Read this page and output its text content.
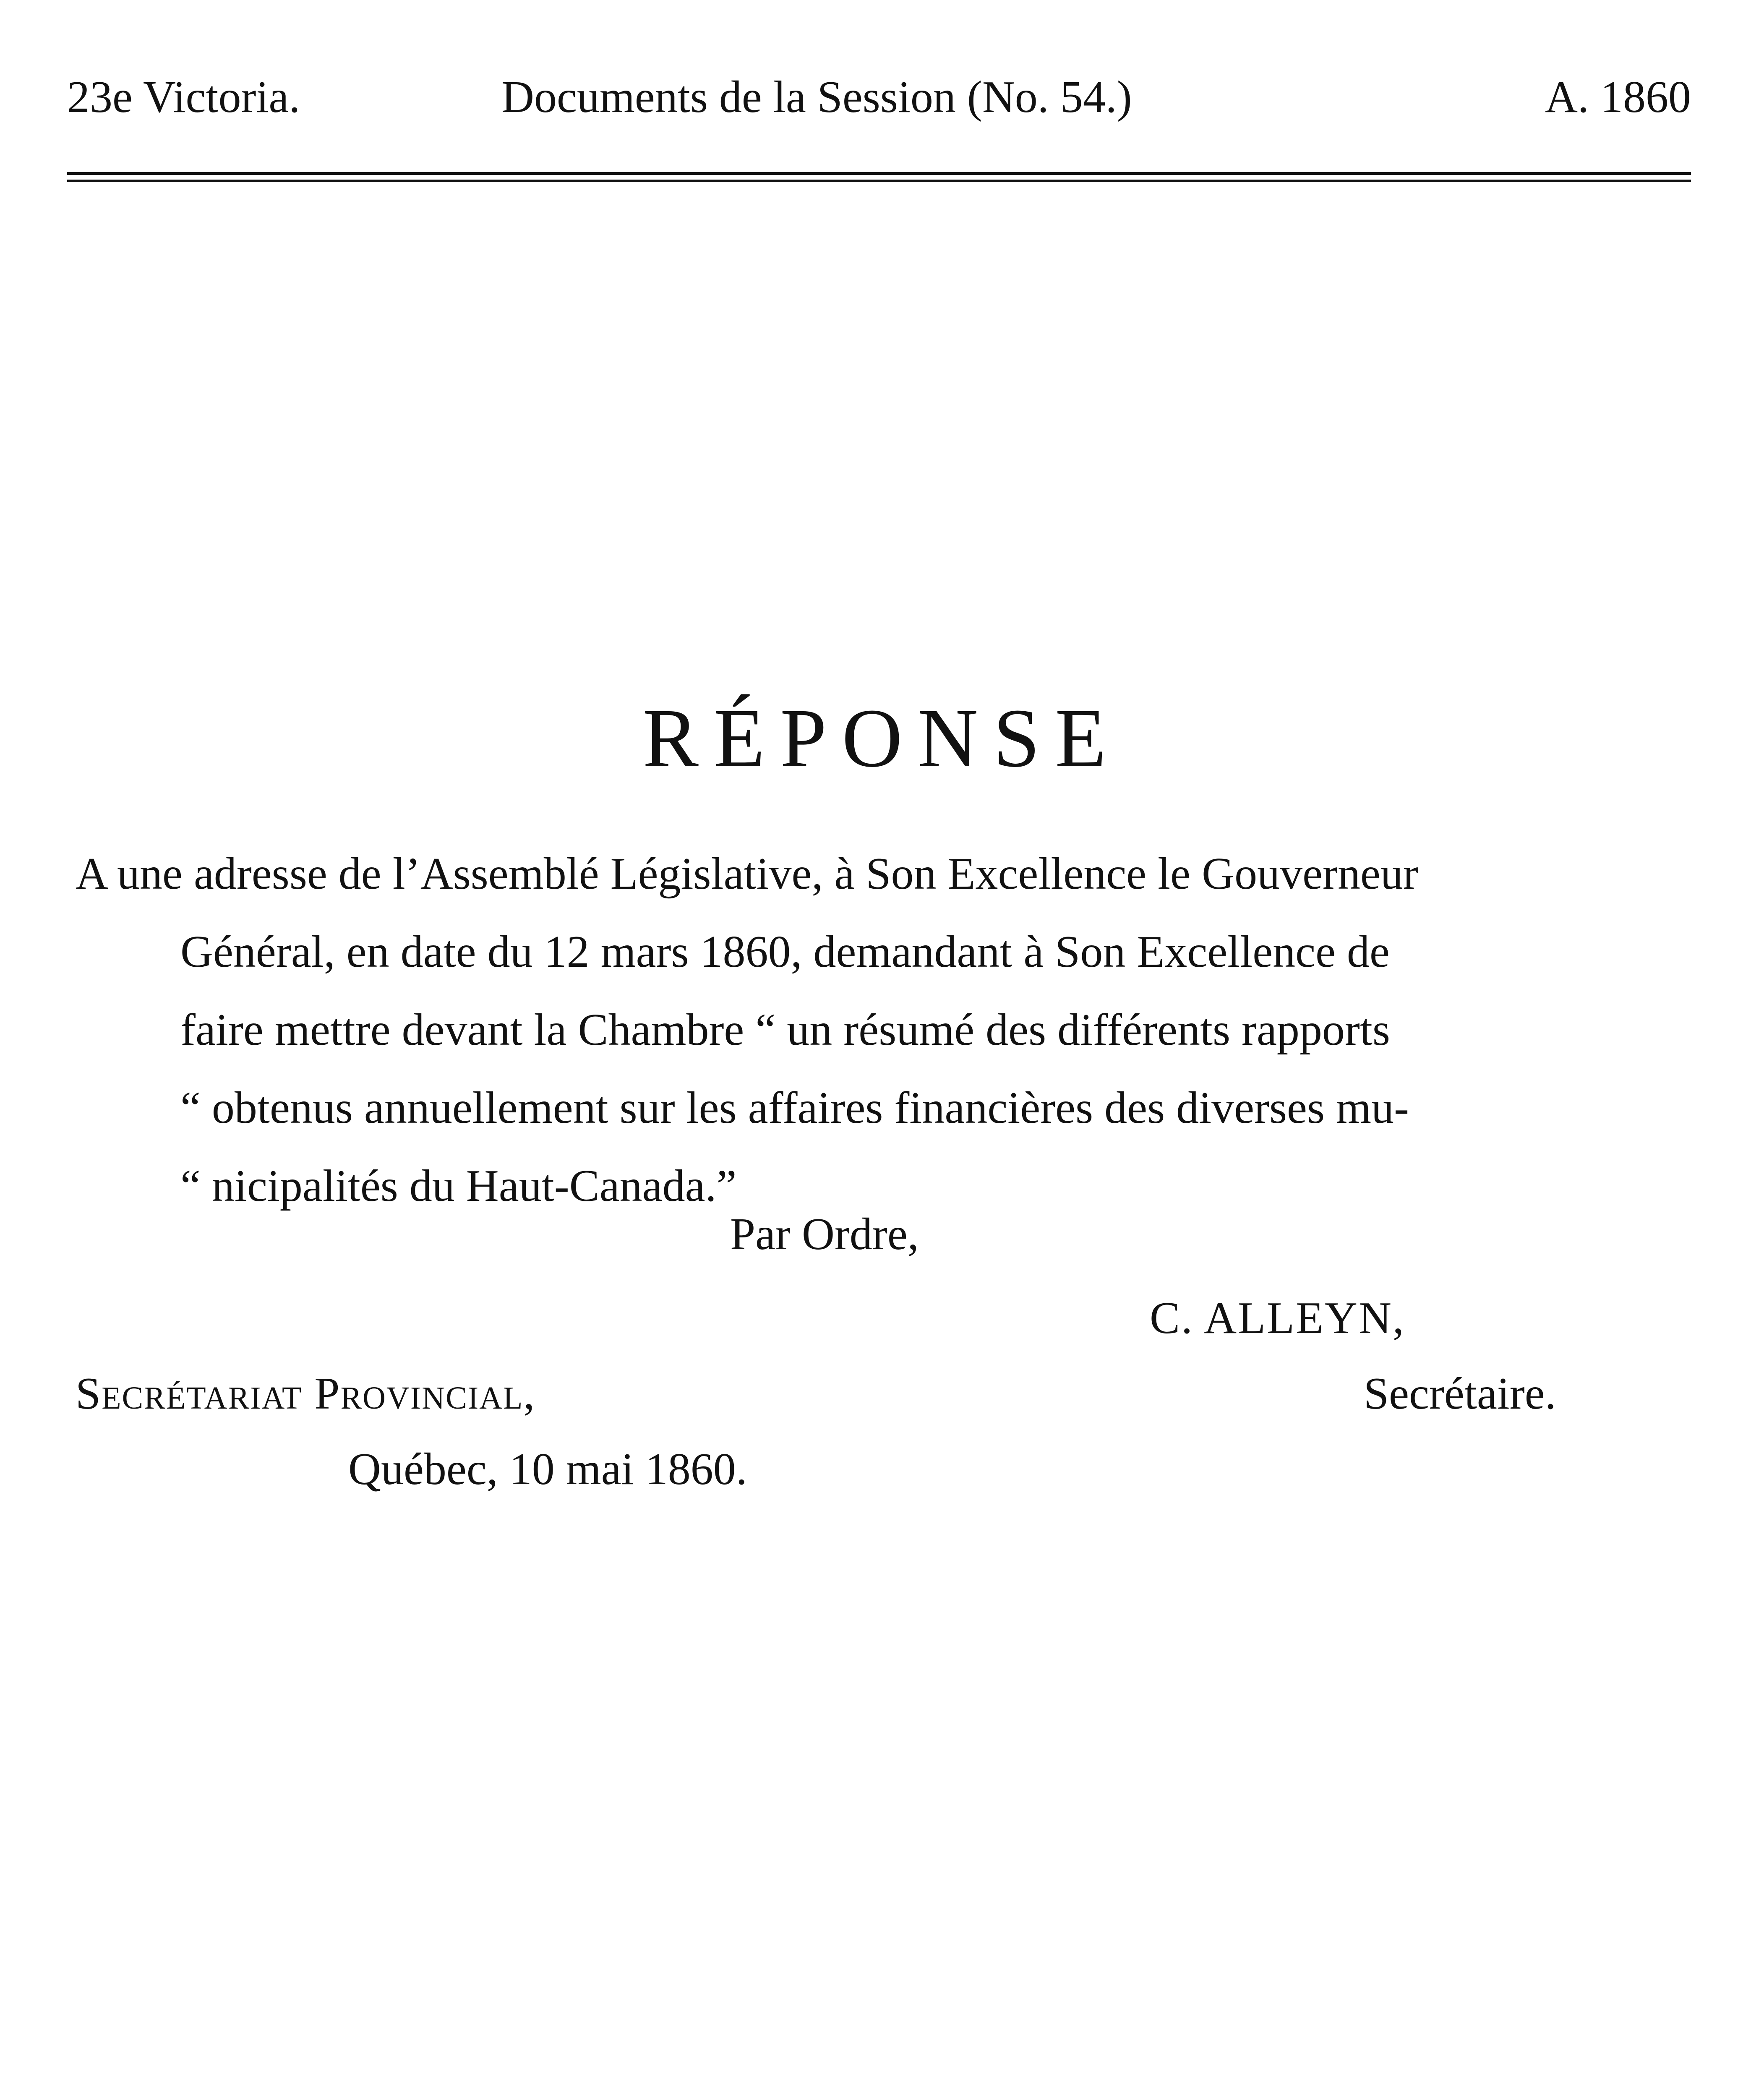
23e Victoria.	Documents de la Session (No. 54.)	A. 1860
RÉPONSE
A une adresse de l’Assemblé Législative, à Son Excellence le Gouverneur
Général, en date du 12 mars 1860, demandant à Son Excellence de
faire mettre devant la Chambre “ un résumé des différents rapports
“ obtenus annuellement sur les affaires financières des diverses mu-
“ nicipalités du Haut-Canada.”
Par Ordre,
C. ALLEYN,
Secrétariat Provincial,	Secrétaire.
Québec, 10 mai 1860.
